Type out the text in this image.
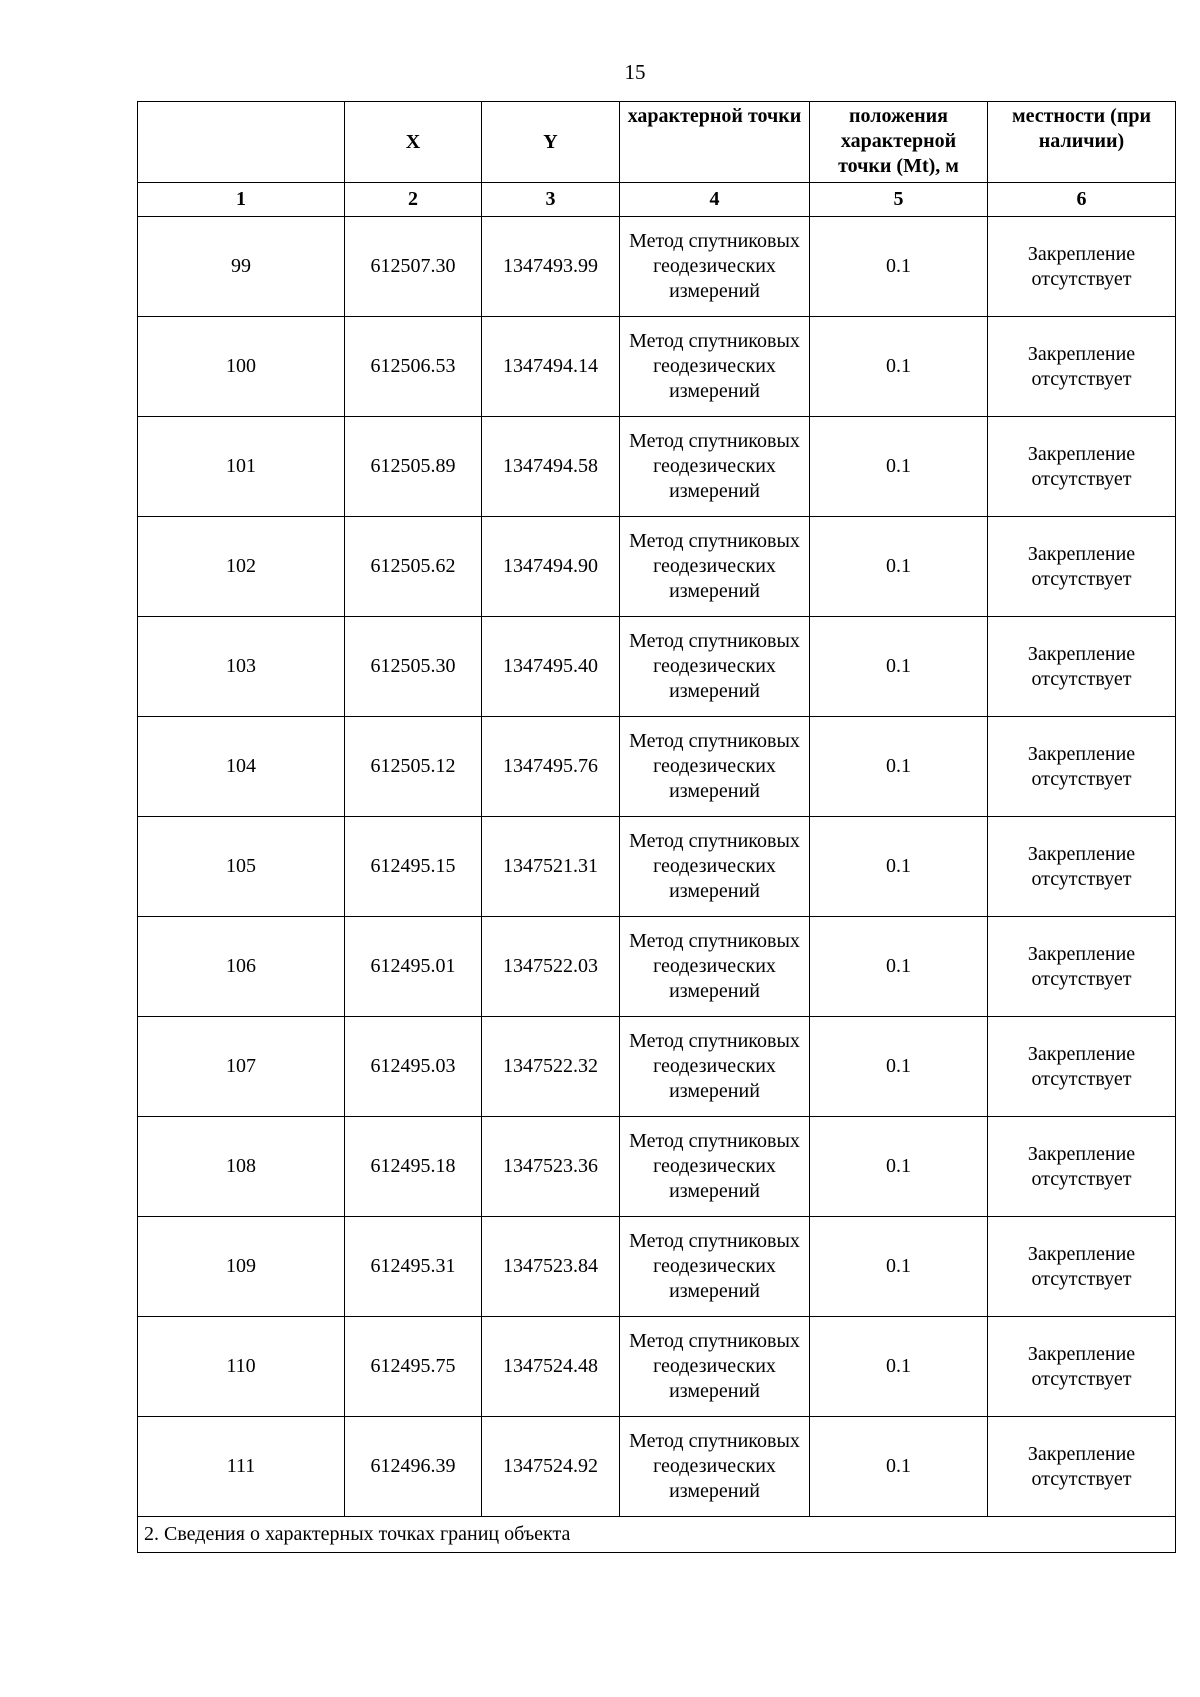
15
	X	Y	характерной точки	положения характерной точки (Mt), м	местности (при наличии)
1	2	3	4	5	6
99	612507.30	1347493.99	Метод спутниковых геодезических измерений	0.1	Закрепление отсутствует
100	612506.53	1347494.14	Метод спутниковых геодезических измерений	0.1	Закрепление отсутствует
101	612505.89	1347494.58	Метод спутниковых геодезических измерений	0.1	Закрепление отсутствует
102	612505.62	1347494.90	Метод спутниковых геодезических измерений	0.1	Закрепление отсутствует
103	612505.30	1347495.40	Метод спутниковых геодезических измерений	0.1	Закрепление отсутствует
104	612505.12	1347495.76	Метод спутниковых геодезических измерений	0.1	Закрепление отсутствует
105	612495.15	1347521.31	Метод спутниковых геодезических измерений	0.1	Закрепление отсутствует
106	612495.01	1347522.03	Метод спутниковых геодезических измерений	0.1	Закрепление отсутствует
107	612495.03	1347522.32	Метод спутниковых геодезических измерений	0.1	Закрепление отсутствует
108	612495.18	1347523.36	Метод спутниковых геодезических измерений	0.1	Закрепление отсутствует
109	612495.31	1347523.84	Метод спутниковых геодезических измерений	0.1	Закрепление отсутствует
110	612495.75	1347524.48	Метод спутниковых геодезических измерений	0.1	Закрепление отсутствует
111	612496.39	1347524.92	Метод спутниковых геодезических измерений	0.1	Закрепление отсутствует
2. Сведения о характерных точках границ объекта					
